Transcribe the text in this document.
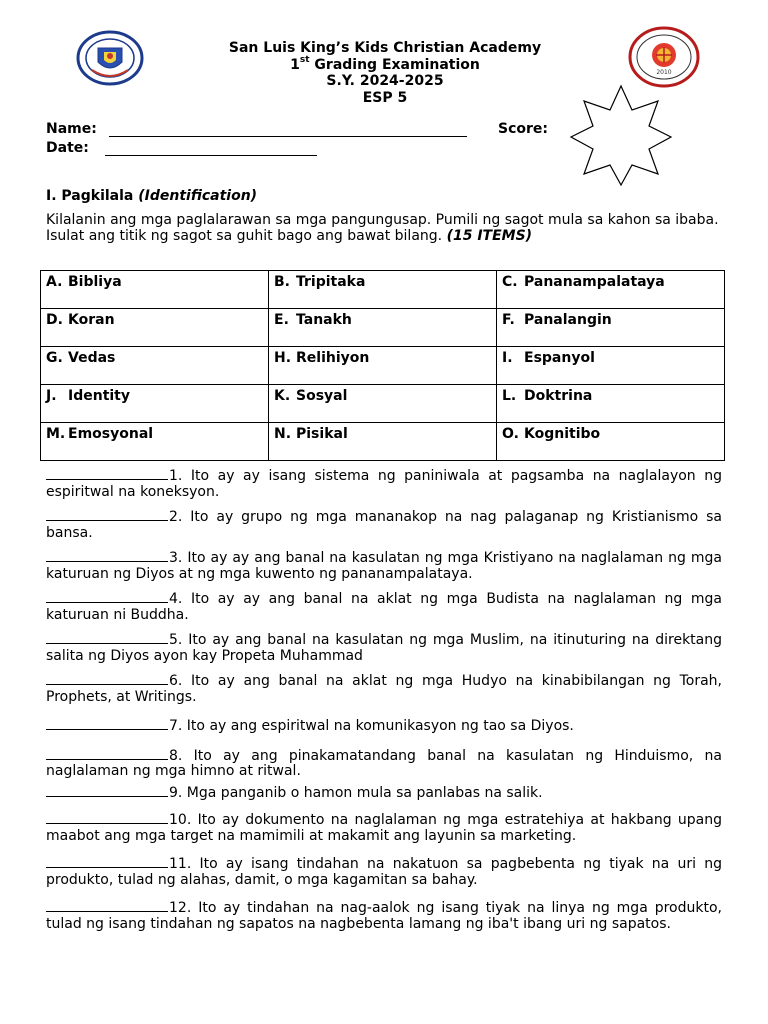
2010
San Luis King’s Kids Christian Academy
1st Grading Examination
S.Y. 2024-2025
ESP 5
Name:	Score:
Date:
I. Pagkilala (Identification)
Kilalanin ang mga paglalarawan sa mga pangungusap. Pumili ng sagot mula sa kahon sa ibaba. Isulat ang titik ng sagot sa guhit bago ang bawat bilang. (15 ITEMS)
A. Bibliya	B. Tripitaka	C. Pananampalataya
D. Koran	E. Tanakh	F. Panalangin
G. Vedas	H. Relihiyon	I. Espanyol
J. Identity	K. Sosyal	L. Doktrina
M. Emosyonal	N. Pisikal	O. Kognitibo

1. Ito ay ay isang sistema ng paniniwala at pagsamba na naglalayon ng espiritwal na koneksyon.

2. Ito ay grupo ng mga mananakop na nag palaganap ng Kristianismo sa bansa.

3. Ito ay ay ang banal na kasulatan ng mga Kristiyano na naglalaman ng mga katuruan ng Diyos at ng mga kuwento ng pananampalataya.

4. Ito ay ay ang banal na aklat ng mga Budista na naglalaman ng mga katuruan ni Buddha.

5. Ito ay ang banal na kasulatan ng mga Muslim, na itinuturing na direktang salita ng Diyos ayon kay Propeta Muhammad

6. Ito ay ang banal na aklat ng mga Hudyo na kinabibilangan ng Torah, Prophets, at Writings.

7. Ito ay ang espiritwal na komunikasyon ng tao sa Diyos.

8. Ito ay ang pinakamatandang banal na kasulatan ng Hinduismo, na naglalaman ng mga himno at ritwal.

9. Mga panganib o hamon mula sa panlabas na salik.

10. Ito ay dokumento na naglalaman ng mga estratehiya at hakbang upang maabot ang mga target na mamimili at makamit ang layunin sa marketing.

11. Ito ay isang tindahan na nakatuon sa pagbebenta ng tiyak na uri ng produkto, tulad ng alahas, damit, o mga kagamitan sa bahay.

12. Ito ay tindahan na nag-aalok ng isang tiyak na linya ng mga produkto, tulad ng isang tindahan ng sapatos na nagbebenta lamang ng iba't ibang uri ng sapatos.
